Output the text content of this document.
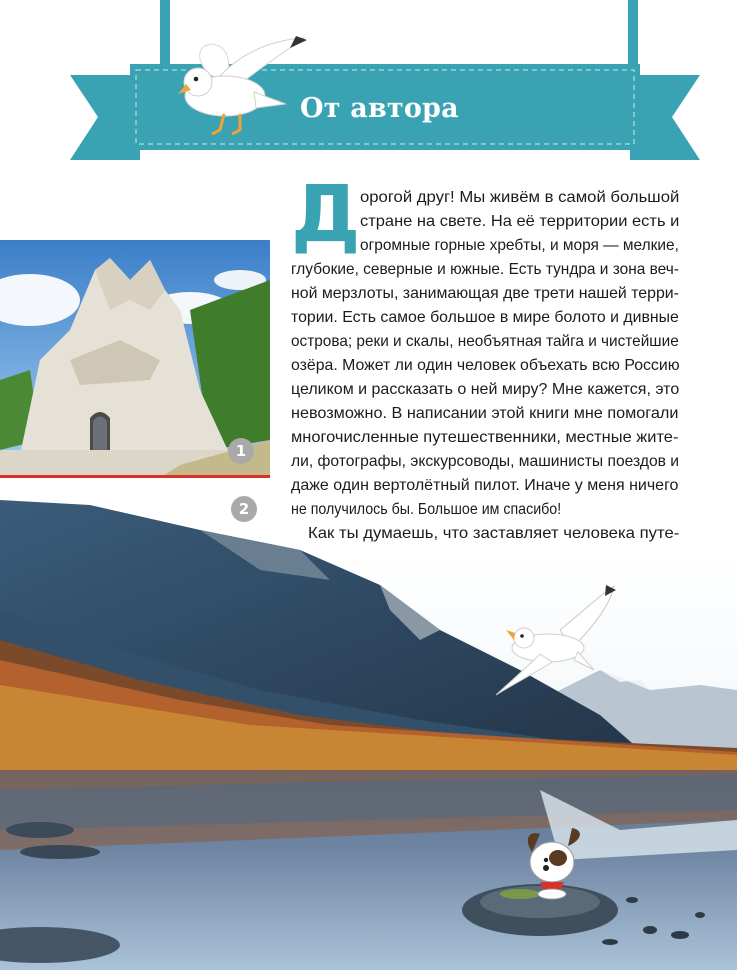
От автора
Д орогой друг! Мы живём в самой большой
стране на свете. На её территории есть и
огромные горные хребты, и моря — мелкие,
глубокие, северные и южные. Есть тундра и зона веч-
ной мерзлоты, занимающая две трети нашей терри-
тории. Есть самое большое в мире болото и дивные
острова; реки и скалы, необъятная тайга и чистейшие
озёра. Может ли один человек объехать всю Россию
целиком и рассказать о ней миру? Мне кажется, это
невозможно. В написании этой книги мне помогали
многочисленные путешественники, местные жите-
ли, фотографы, экскурсоводы, машинисты поездов и
даже один вертолётный пилот. Иначе у меня ничего
не получилось бы. Большое им спасибо!
Как ты думаешь, что заставляет человека путе-
1
2
